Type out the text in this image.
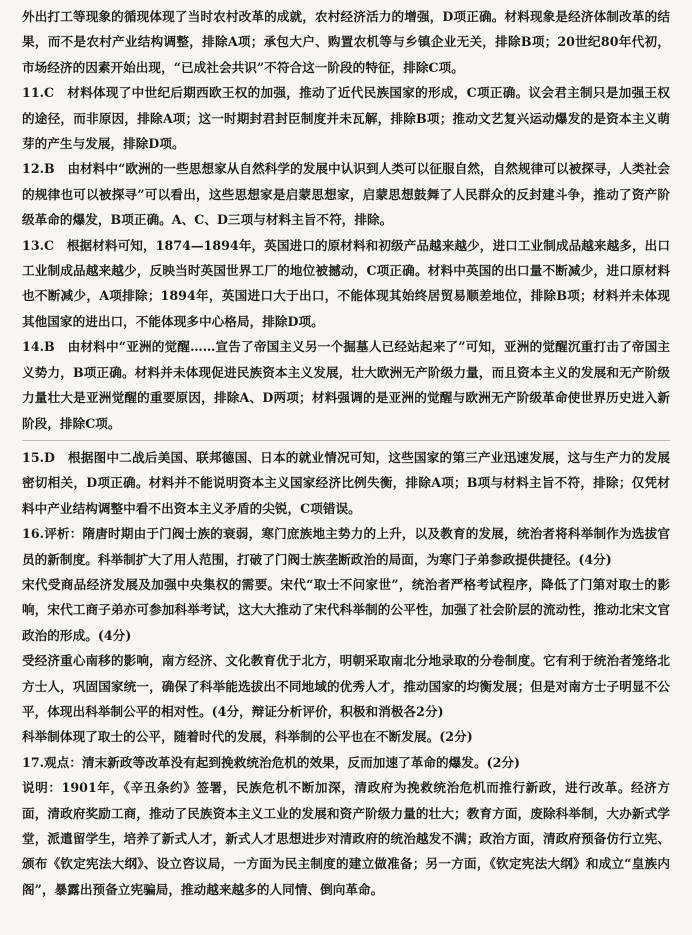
外出打工等现象的循现体现了当时农村改革的成就，农村经济活力的增强，D项正确。材料现象是经济体制改革的结果，而不是农村产业结构调整，排除A项；承包大户、购置农机等与乡镇企业无关，排除B项；20世纪80年代初，市场经济的因素开始出现，“已成社会共识”不符合这一阶段的特征，排除C项。

11.C　材料体现了中世纪后期西欧王权的加强，推动了近代民族国家的形成，C项正确。议会君主制只是加强王权的途径，而非原因，排除A项；这一时期封君封臣制度并未瓦解，排除B项；推动文艺复兴运动爆发的是资本主义萌芽的产生与发展，排除D项。

12.B　由材料中“欧洲的一些思想家从自然科学的发展中认识到人类可以征服自然，自然规律可以被探寻，人类社会的规律也可以被探寻”可以看出，这些思想家是启蒙思想家，启蒙思想鼓舞了人民群众的反封建斗争，推动了资产阶级革命的爆发，B项正确。A、C、D三项与材料主旨不符，排除。

13.C　根据材料可知，1874—1894年，英国进口的原材料和初级产品越来越少，进口工业制成品越来越多，出口工业制成品越来越少，反映当时英国世界工厂的地位被撼动，C项正确。材料中英国的出口量不断减少，进口原材料也不断减少，A项排除；1894年，英国进口大于出口，不能体现其始终居贸易顺差地位，排除B项；材料并未体现其他国家的进出口，不能体现多中心格局，排除D项。

14.B　由材料中“亚洲的觉醒……宣告了帝国主义另一个掘墓人已经站起来了”可知，亚洲的觉醒沉重打击了帝国主义势力，B项正确。材料并未体现促进民族资本主义发展，壮大欧洲无产阶级力量，而且资本主义的发展和无产阶级力量壮大是亚洲觉醒的重要原因，排除A、D两项；材料强调的是亚洲的觉醒与欧洲无产阶级革命使世界历史进入新阶段，排除C项。

15.D　根据图中二战后美国、联邦德国、日本的就业情况可知，这些国家的第三产业迅速发展，这与生产力的发展密切相关，D项正确。材料并不能说明资本主义国家经济比例失衡，排除A项；B项与材料主旨不符，排除；仅凭材料中产业结构调整中看不出资本主义矛盾的尖锐，C项错误。

16.评析：隋唐时期由于门阀士族的衰弱，寒门庶族地主势力的上升，以及教育的发展，统治者将科举制作为选拔官员的新制度。科举制扩大了用人范围，打破了门阀士族垄断政治的局面，为寒门子弟参政提供捷径。(4分)

宋代受商品经济发展及加强中央集权的需要。宋代“取士不问家世”，统治者严格考试程序，降低了门第对取士的影响，宋代工商子弟亦可参加科举考试，这大大推动了宋代科举制的公平性，加强了社会阶层的流动性，推动北宋文官政治的形成。(4分)

受经济重心南移的影响，南方经济、文化教育优于北方，明朝采取南北分地录取的分卷制度。它有利于统治者笼络北方士人，巩固国家统一，确保了科举能选拔出不同地域的优秀人才，推动国家的均衡发展；但是对南方士子明显不公平，体现出科举制公平的相对性。(4分，辩证分析评价，积极和消极各2分)

科举制体现了取士的公平，随着时代的发展，科举制的公平也在不断发展。(2分)

17.观点：清末新政等改革没有起到挽救统治危机的效果，反而加速了革命的爆发。(2分)

说明：1901年，《辛丑条约》签署，民族危机不断加深，清政府为挽救统治危机而推行新政，进行改革。经济方面，清政府奖励工商，推动了民族资本主义工业的发展和资产阶级力量的壮大；教育方面，废除科举制，大办新式学堂，派遣留学生，培养了新式人才，新式人才思想进步对清政府的统治越发不满；政治方面，清政府预备仿行立宪、颁布《钦定宪法大纲》、设立咨议局，一方面为民主制度的建立做准备；另一方面，《钦定宪法大纲》和成立“皇族内阁”，暴露出预备立宪骗局，推动越来越多的人同情、倒向革命。
